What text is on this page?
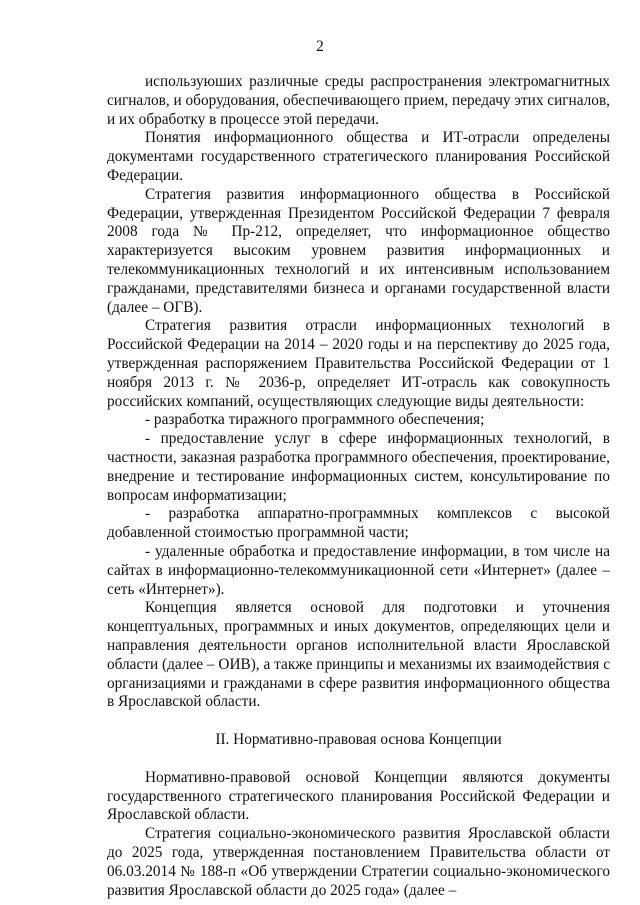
2

используюших различные среды распространения электромагнитных сигналов, и оборудования, обеспечивающего прием, передачу этих сигналов, и их обработку в процессе этой передачи.

Понятия информационного общества и ИТ-отрасли определены документами государственного стратегического планирования Российской Федерации.

Стратегия развития информационного общества в Российской Федерации, утвержденная Президентом Российской Федерации 7 февраля 2008 года № Пр-212, определяет, что информационное общество характеризуется высоким уровнем развития информационных и телекоммуникационных технологий и их интенсивным использованием гражданами, представителями бизнеса и органами государственной власти (далее – ОГВ).

Стратегия развития отрасли информационных технологий в Российской Федерации на 2014 – 2020 годы и на перспективу до 2025 года, утвержденная распоряжением Правительства Российской Федерации от 1 ноября 2013 г. № 2036-р, определяет ИТ-отрасль как совокупность российских компаний, осуществляющих следующие виды деятельности:

- разработка тиражного программного обеспечения;

- предоставление услуг в сфере информационных технологий, в частности, заказная разработка программного обеспечения, проектирование, внедрение и тестирование информационных систем, консультирование по вопросам информатизации;

- разработка аппаратно-программных комплексов с высокой добавленной стоимостью программной части;

- удаленные обработка и предоставление информации, в том числе на сайтах в информационно-телекоммуникационной сети «Интернет» (далее – сеть «Интернет»).

Концепция является основой для подготовки и уточнения концептуальных, программных и иных документов, определяющих цели и направления деятельности органов исполнительной власти Ярославской области (далее – ОИВ), а также принципы и механизмы их взаимодействия с организациями и гражданами в сфере развития информационного общества в Ярославской области.

II. Нормативно-правовая основа Концепции

Нормативно-правовой основой Концепции являются документы государственного стратегического планирования Российской Федерации и Ярославской области.

Стратегия социально-экономического развития Ярославской области до 2025 года, утвержденная постановлением Правительства области от 06.03.2014 № 188-п «Об утверждении Стратегии социально-экономического развития Ярославской области до 2025 года» (далее –
